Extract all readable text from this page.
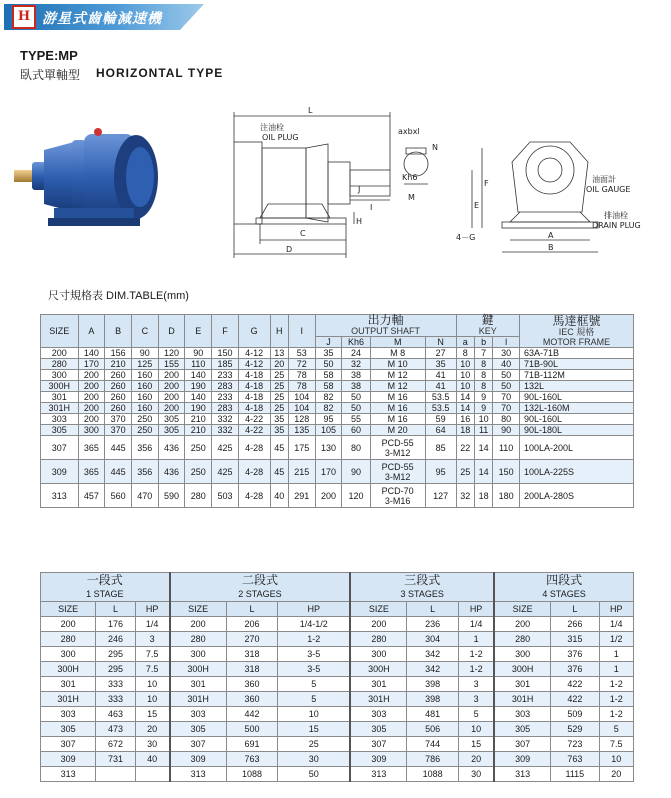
H 游星式齒輪減速機
TYPE:MP
臥式單軸型 HORIZONTAL TYPE
L
注油栓
OIL PLUG
axbxl
N
Kh6
J
M
I
C
D
H
E
F
4－G	A
B
油面計
OIL GAUGE
排油栓
DRAIN PLUG
尺寸規格表 DIM.TABLE(mm)
SIZE	A	B	C	D	E	F	G	H	I	出力軸
OUTPUT SHAFT				鍵
KEY			馬達框號
IEC 規格
MOTOR FRAME
										J	Kh6	M	N	a	b	l	
200	140	156	90	120	90	150	4-12	13	53	35	24	M 8	27	8	7	30	63A-71B
280	170	210	125	155	110	185	4-12	20	72	50	32	M 10	35	10	8	40	71B-90L
300	200	260	160	200	140	233	4-18	25	78	58	38	M 12	41	10	8	50	71B-112M
300H	200	260	160	200	190	283	4-18	25	78	58	38	M 12	41	10	8	50	132L
301	200	260	160	200	140	233	4-18	25	104	82	50	M 16	53.5	14	9	70	90L-160L
301H	200	260	160	200	190	283	4-18	25	104	82	50	M 16	53.5	14	9	70	132L-160M
303	200	370	250	305	210	332	4-22	35	128	95	55	M 16	59	16	10	80	90L-160L
305	300	370	250	305	210	332	4-22	35	135	105	60	M 20	64	18	11	90	90L-180L
307	365	445	356	436	250	425	4-28	45	175	130	80	PCD-55
3-M12	85	22	14	110	100LA-200L
309	365	445	356	436	250	425	4-28	45	215	170	90	PCD-55
3-M12	95	25	14	150	100LA-225S
313	457	560	470	590	280	503	4-28	40	291	200	120	PCD-70
3-M16	127	32	18	180	200LA-280S
一段式
1 STAGE			二段式
2 STAGES			三段式
3 STAGES			四段式
4 STAGES		
SIZE	L	HP	SIZE	L	HP	SIZE	L	HP	SIZE	L	HP
200	176	1/4	200	206	1/4-1/2	200	236	1/4	200	266	1/4
280	246	3	280	270	1-2	280	304	1	280	315	1/2
300	295	7.5	300	318	3-5	300	342	1-2	300	376	1
300H	295	7.5	300H	318	3-5	300H	342	1-2	300H	376	1
301	333	10	301	360	5	301	398	3	301	422	1-2
301H	333	10	301H	360	5	301H	398	3	301H	422	1-2
303	463	15	303	442	10	303	481	5	303	509	1-2
305	473	20	305	500	15	305	506	10	305	529	5
307	672	30	307	691	25	307	744	15	307	723	7.5
309	731	40	309	763	30	309	786	20	309	763	10
313			313	1088	50	313	1088	30	313	1115	20
